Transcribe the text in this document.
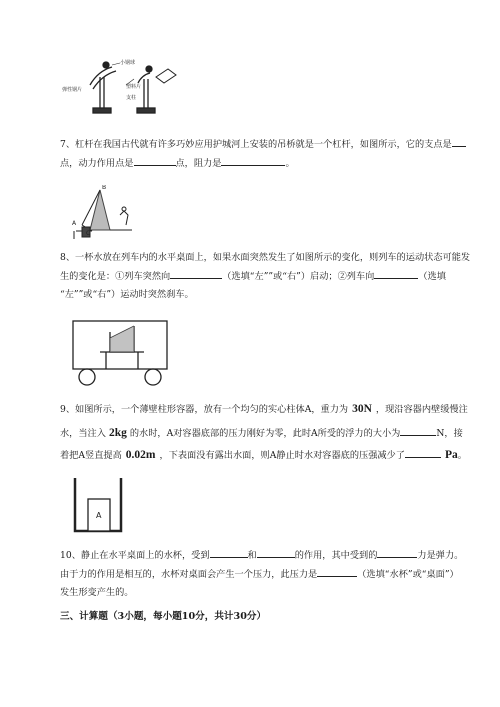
小钢球
塑料片
弹性钢片
支柱
7、杠杆在我国古代就有许多巧妙应用护城河上安装的吊桥就是一个杠杆，如图所示，它的支点是
点，动力作用点是	点，阻力是	。
A
B
C
8、一杯水放在列车内的水平桌面上，如果水面突然发生了如图所示的变化，则列车的运动状态可能发
生的变化是：①列车突然向	（选填“左””或“右”）启动；②列车向	（选填
“左””或“右”）运动时突然刹车。
9、如图所示，一个薄壁柱形容器，放有一个均匀的实心柱体A，重力为 30N ，现沿容器内壁缓慢注
水，当注入 2kg 的水时，A对容器底部的压力刚好为零，此时A所受的浮力的大小为	N，接
着把A竖直提高 0.02m ，下表面没有露出水面，则A静止时水对容器底的压强减少了	Pa。
A
10、静止在水平桌面上的水杯，受到	和	的作用，其中受到的	力是弹力。
由于力的作用是相互的，水杯对桌面会产生一个压力，此压力是	（选填“水杯”或“桌面”）
发生形变产生的。
三、计算题（3小题，每小题10分，共计30分）
